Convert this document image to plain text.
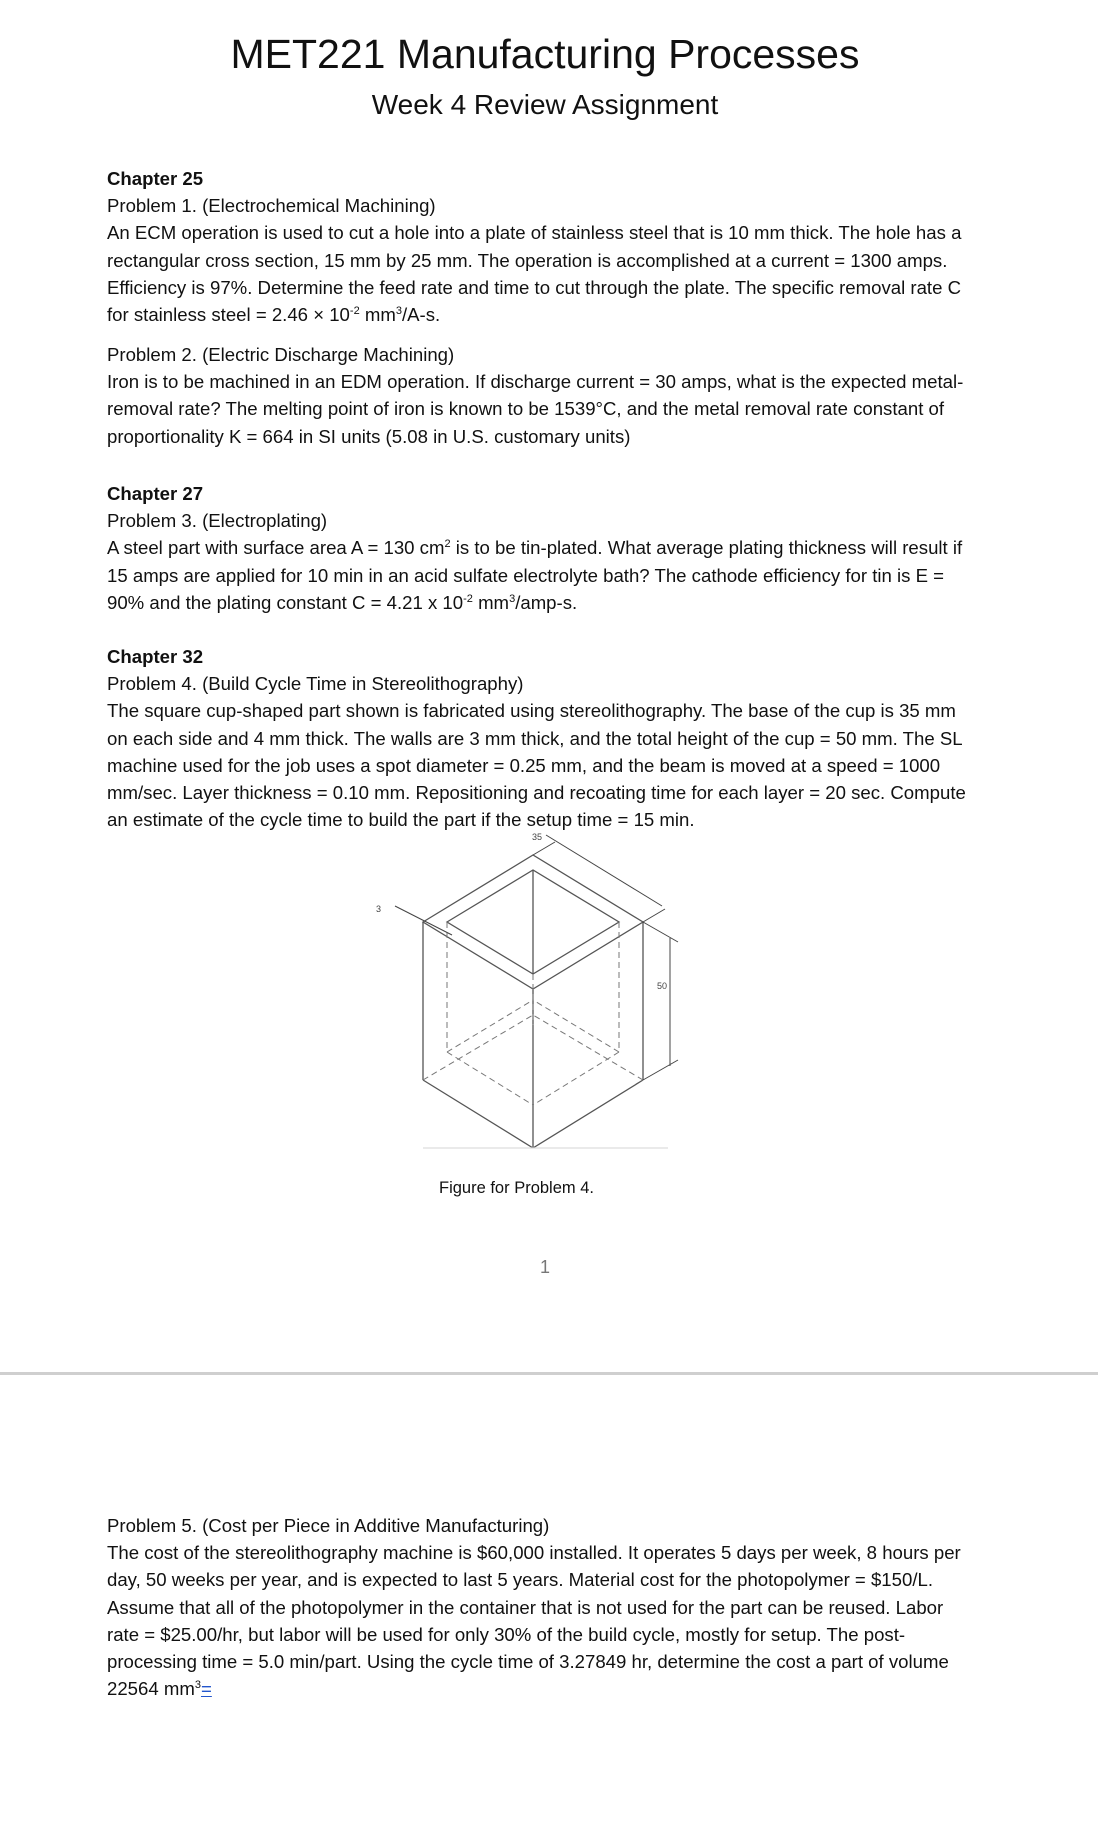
MET221 Manufacturing Processes
Week 4 Review Assignment
Chapter 25
Problem 1. (Electrochemical Machining)
An ECM operation is used to cut a hole into a plate of stainless steel that is 10 mm thick. The hole has a
rectangular cross section, 15 mm by 25 mm. The operation is accomplished at a current = 1300 amps.
Efficiency is 97%. Determine the feed rate and time to cut through the plate. The specific removal rate C
for stainless steel = $2.46 \times 10^{-2}$ $mm^3/A-s$.
Problem 2. (Electric Discharge Machining)
Iron is to be machined in an EDM operation. If discharge current = 30 amps, what is the expected metal-
removal rate? The melting point of iron is known to be 1539°C, and the metal removal rate constant of
proportionality K = 664 in SI units (5.08 in U.S. customary units)
Chapter 27
Problem 3. (Electroplating)
A steel part with surface area A = 130 $cm^2$ is to be tin-plated. What average plating thickness will result if
15 amps are applied for 10 min in an acid sulfate electrolyte bath? The cathode efficiency for tin is E =
90% and the plating constant C = 4.21 x $10^{-2}$ $mm^3/amp-s$.
Chapter 32
Problem 4. (Build Cycle Time in Stereolithography)
The square cup-shaped part shown is fabricated using stereolithography. The base of the cup is 35 mm
on each side and 4 mm thick. The walls are 3 mm thick, and the total height of the cup = 50 mm. The SL
machine used for the job uses a spot diameter = 0.25 mm, and the beam is moved at a speed = 1000
mm/sec. Layer thickness = 0.10 mm. Repositioning and recoating time for each layer = 20 sec. Compute
an estimate of the cycle time to build the part if the setup time = 15 min.
35
3
50
Figure for Problem 4.
1
Problem 5. (Cost per Piece in Additive Manufacturing)
The cost of the stereolithography machine is $60,000 installed. It operates 5 days per week, 8 hours per
day, 50 weeks per year, and is expected to last 5 years. Material cost for the photopolymer = $150/L.
Assume that all of the photopolymer in the container that is not used for the part can be reused. Labor
rate = $25.00/hr, but labor will be used for only 30% of the build cycle, mostly for setup. The post-
processing time = 5.0 min/part. Using the cycle time of 3.27849 hr, determine the cost a part of volume
22564 $mm^3=$
